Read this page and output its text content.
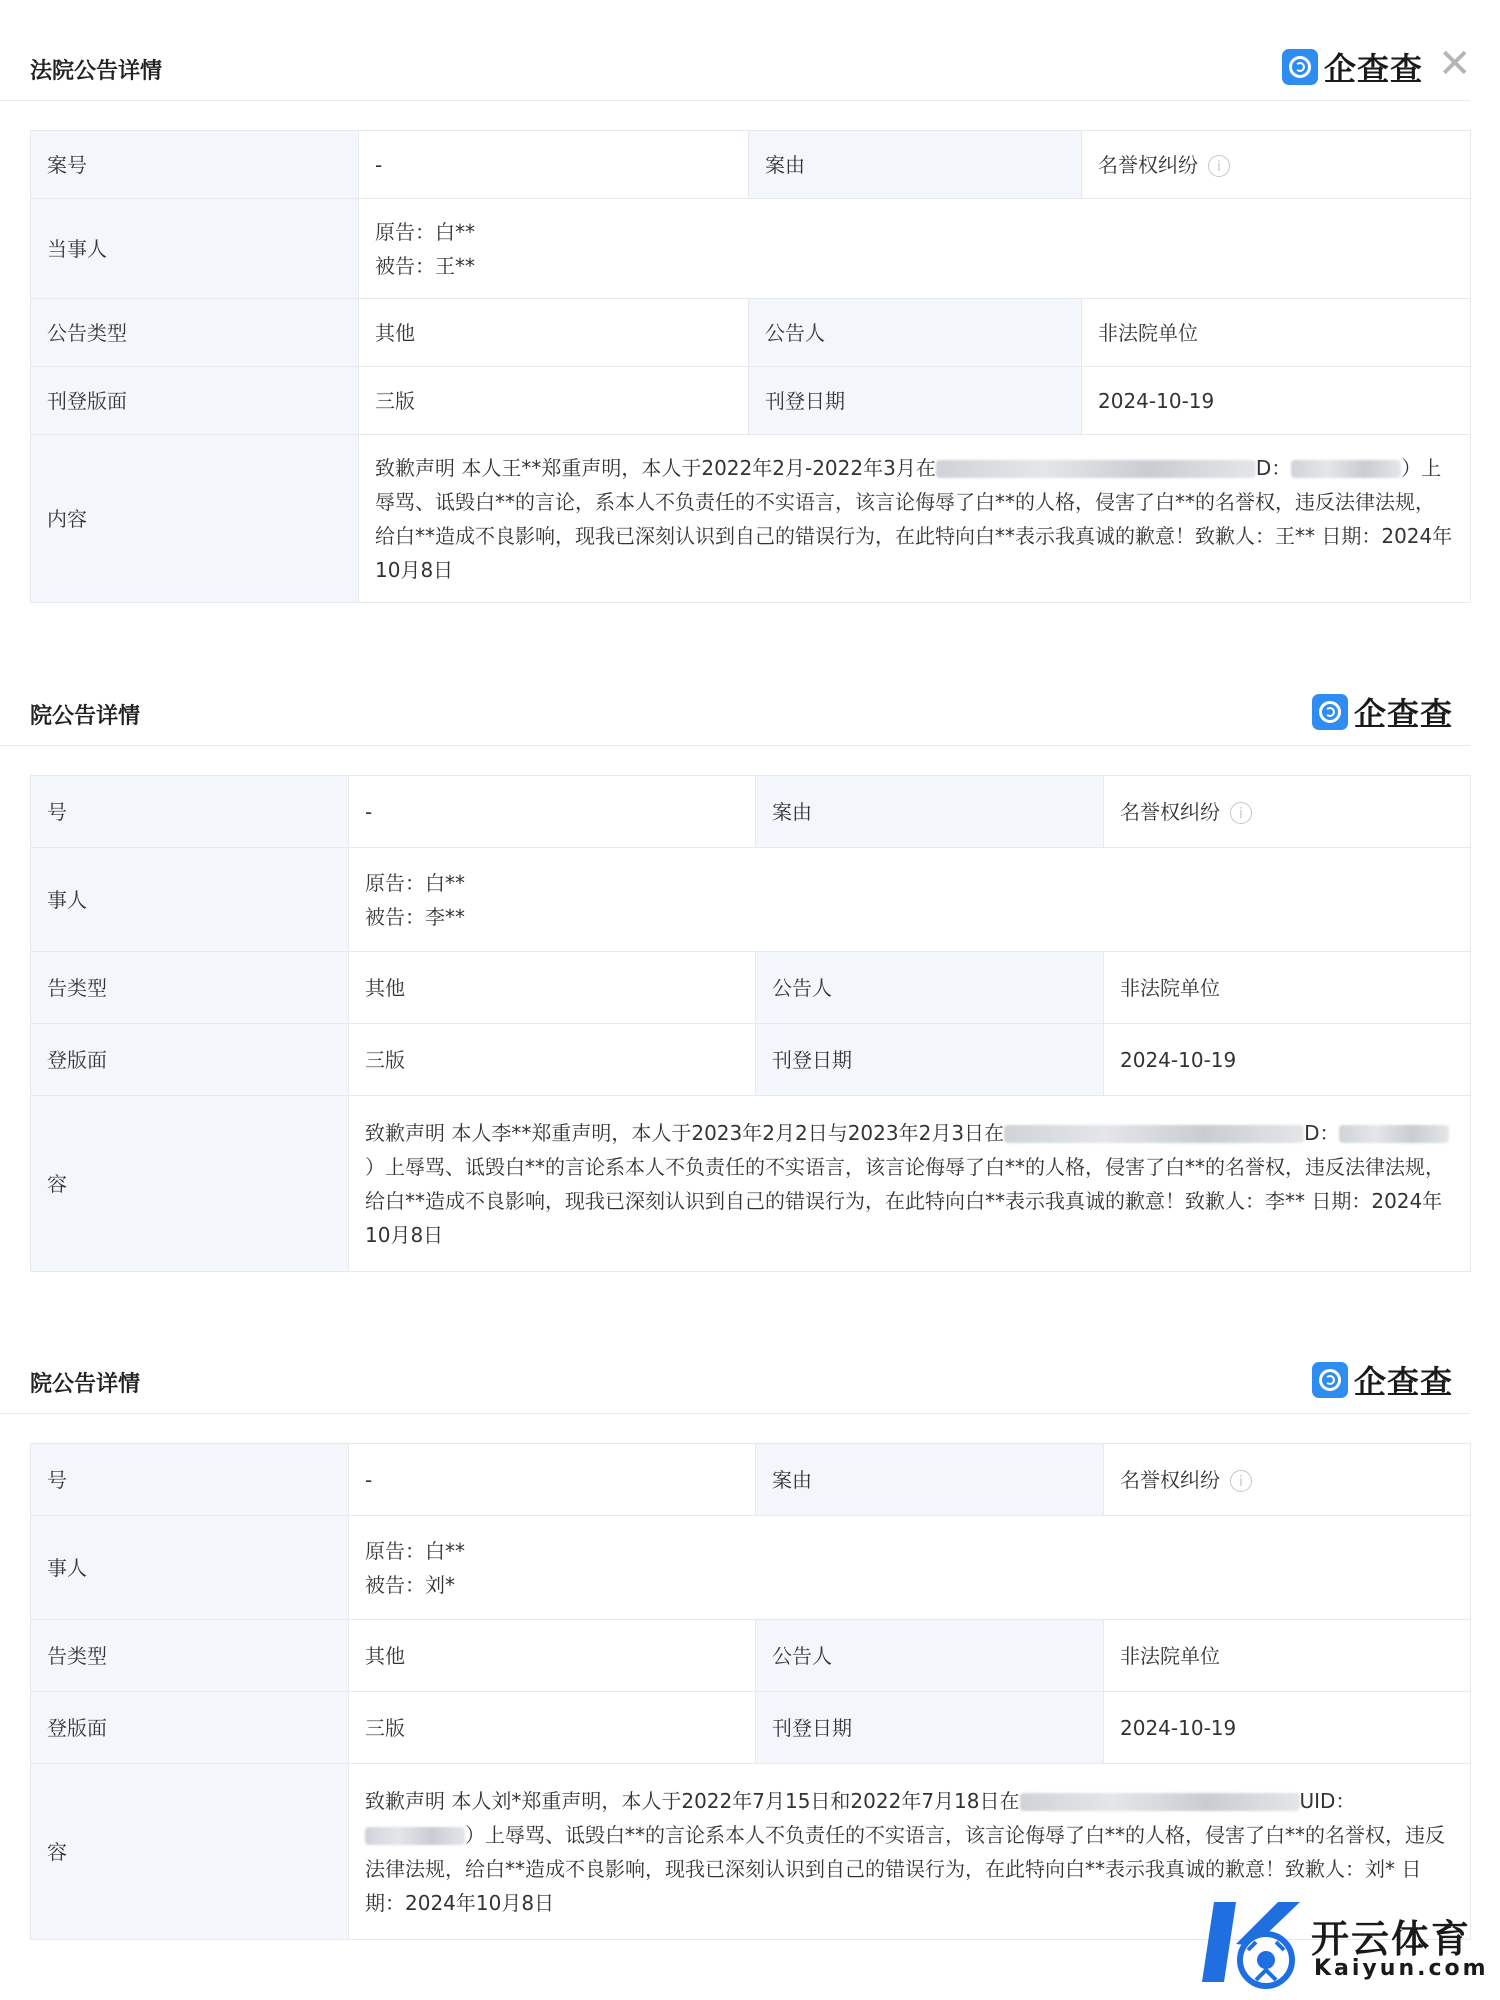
法院公告详情	企查查 ✕
案号	-	案由	名誉权纠纷 i
当事人	原告：白**
被告：王**		

公告类型	其他	公告人	非法院单位
刊登版面	三版	刊登日期	2024-10-19
内容	致歉声明 本人王**郑重声明，本人于2022年2月-2022年3月在 D： ）上辱骂、诋毁白**的言论，系本人不负责任的不实语言，该言论侮辱了白**的人格，侵害了白**的名誉权，违反法律法规，给白**造成不良影响，现我已深刻认识到自己的错误行为，在此特向白**表示我真诚的歉意！致歉人：王** 日期：2024年10月8日		
院公告详情	企查查
号	-	案由	名誉权纠纷 i
事人	原告：白**
被告：李**		

告类型	其他	公告人	非法院单位
登版面	三版	刊登日期	2024-10-19
容	致歉声明 本人李**郑重声明，本人于2023年2月2日与2023年2月3日在 D：）上辱骂、诋毁白**的言论系本人不负责任的不实语言，该言论侮辱了白**的人格，侵害了白**的名誉权，违反法律法规，给白**造成不良影响，现我已深刻认识到自己的错误行为，在此特向白**表示我真诚的歉意！致歉人：李** 日期：2024年10月8日		
院公告详情	企查查
号	-	案由	名誉权纠纷 i
事人	原告：白**
被告：刘*		

告类型	其他	公告人	非法院单位
登版面	三版	刊登日期	2024-10-19
容	致歉声明 本人刘*郑重声明，本人于2022年7月15日和2022年7月18日在 UID：）上辱骂、诋毁白**的言论系本人不负责任的不实语言，该言论侮辱了白**的人格，侵害了白**的名誉权，违反法律法规，给白**造成不良影响，现我已深刻认识到自己的错误行为，在此特向白**表示我真诚的歉意！致歉人：刘* 日期：2024年10月8日		
开云体育
Kaiyun.com
